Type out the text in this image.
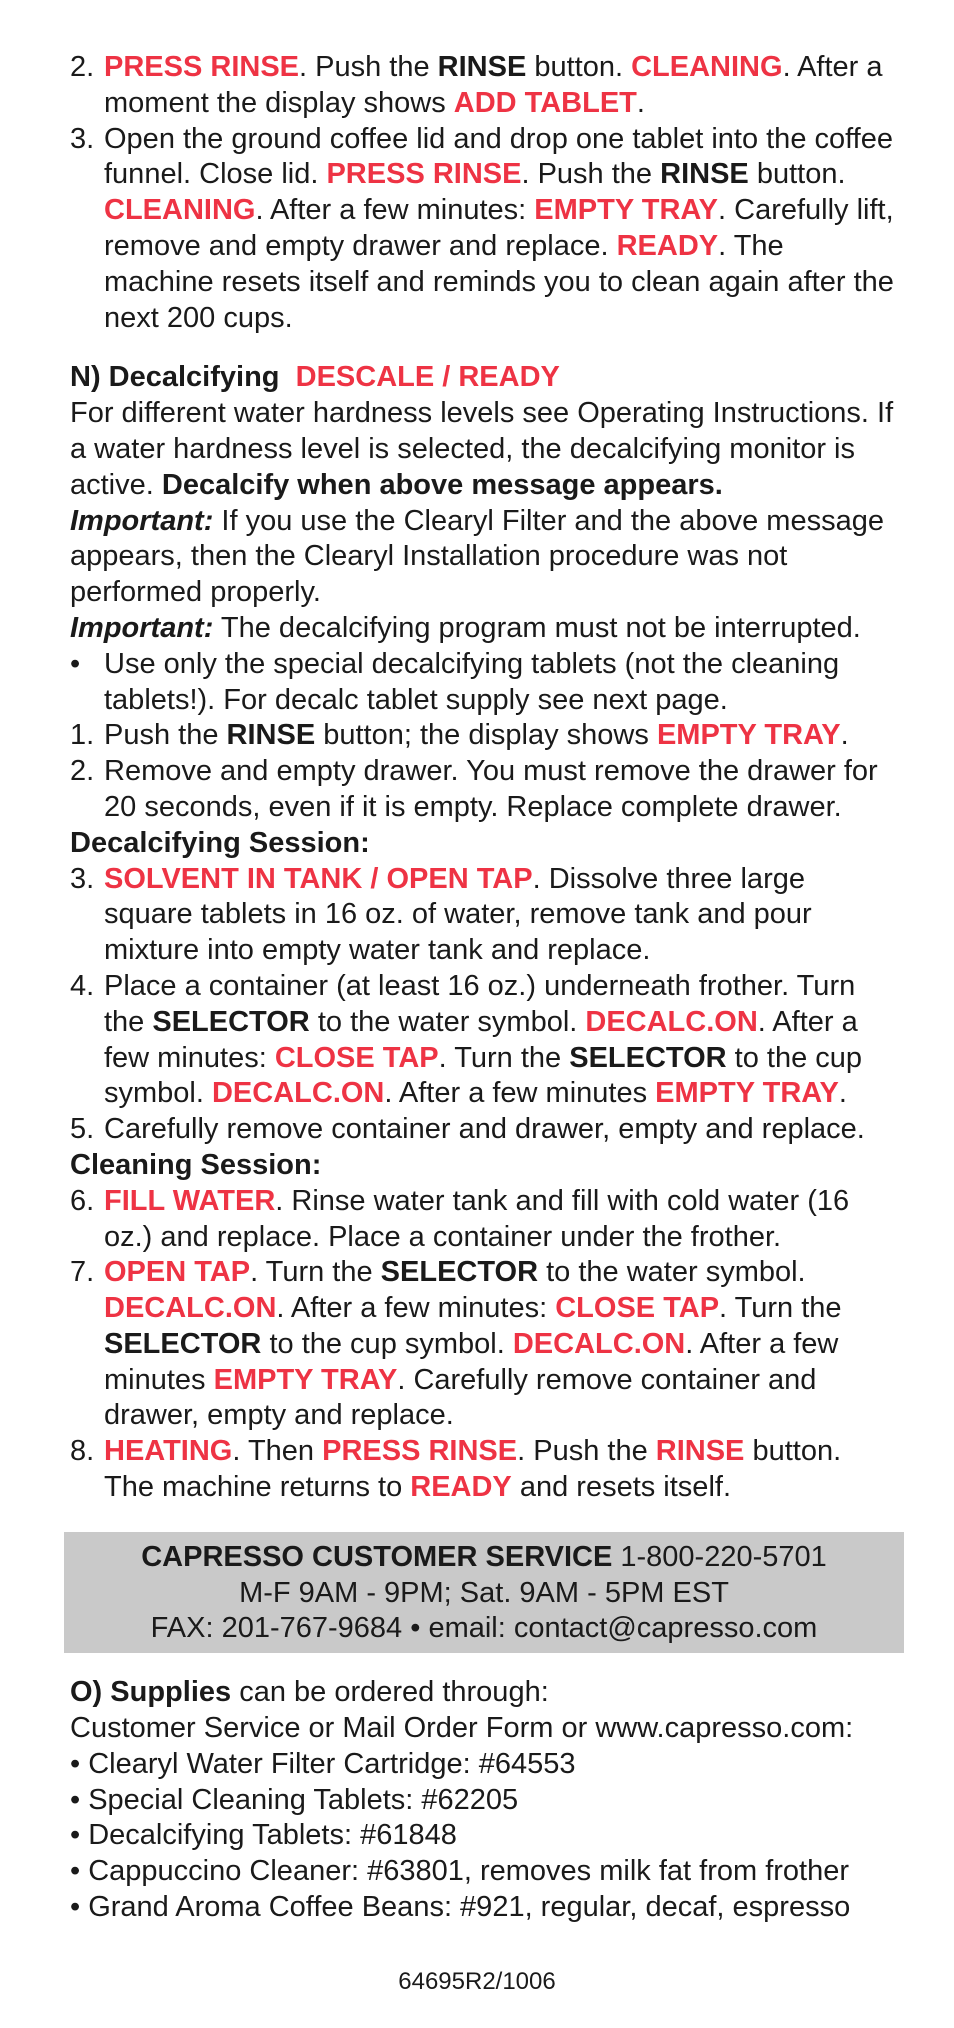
2. PRESS RINSE. Push the RINSE button. CLEANING. After a moment the display shows ADD TABLET.
3. Open the ground coffee lid and drop one tablet into the coffee funnel. Close lid. PRESS RINSE. Push the RINSE button. CLEANING. After a few minutes: EMPTY TRAY. Carefully lift, remove and empty drawer and replace. READY. The machine resets itself and reminds you to clean again after the next 200 cups.

N) Decalcifying DESCALE / READY

For different water hardness levels see Operating Instructions. If a water hardness level is selected, the decalcifying monitor is active. Decalcify when above message appears.

Important: If you use the Clearyl Filter and the above message appears, then the Clearyl Installation procedure was not performed properly.

Important: The decalcifying program must not be interrupted.

• Use only the special decalcifying tablets (not the cleaning tablets!). For decalc tablet supply see next page.
1. Push the RINSE button; the display shows EMPTY TRAY.
2. Remove and empty drawer. You must remove the drawer for 20 seconds, even if it is empty. Replace complete drawer.

Decalcifying Session:

3. SOLVENT IN TANK / OPEN TAP. Dissolve three large square tablets in 16 oz. of water, remove tank and pour mixture into empty water tank and replace.
4. Place a container (at least 16 oz.) underneath frother. Turn the SELECTOR to the water symbol. DECALC.ON. After a few minutes: CLOSE TAP. Turn the SELECTOR to the cup symbol. DECALC.ON. After a few minutes EMPTY TRAY.
5. Carefully remove container and drawer, empty and replace.

Cleaning Session:

6. FILL WATER. Rinse water tank and fill with cold water (16 oz.) and replace. Place a container under the frother.
7. OPEN TAP. Turn the SELECTOR to the water symbol. DECALC.ON. After a few minutes: CLOSE TAP. Turn the SELECTOR to the cup symbol. DECALC.ON. After a few minutes EMPTY TRAY. Carefully remove container and drawer, empty and replace.
8. HEATING. Then PRESS RINSE. Push the RINSE button. The machine returns to READY and resets itself.
CAPRESSO CUSTOMER SERVICE 1-800-220-5701
M-F 9AM - 9PM; Sat. 9AM - 5PM EST
FAX: 201-767-9684 • email: contact@capresso.com

O) Supplies can be ordered through:

Customer Service or Mail Order Form or www.capresso.com:

• Clearyl Water Filter Cartridge: #64553
• Special Cleaning Tablets: #62205
• Decalcifying Tablets: #61848
• Cappuccino Cleaner: #63801, removes milk fat from frother
• Grand Aroma Coffee Beans: #921, regular, decaf, espresso
64695R2/1006
